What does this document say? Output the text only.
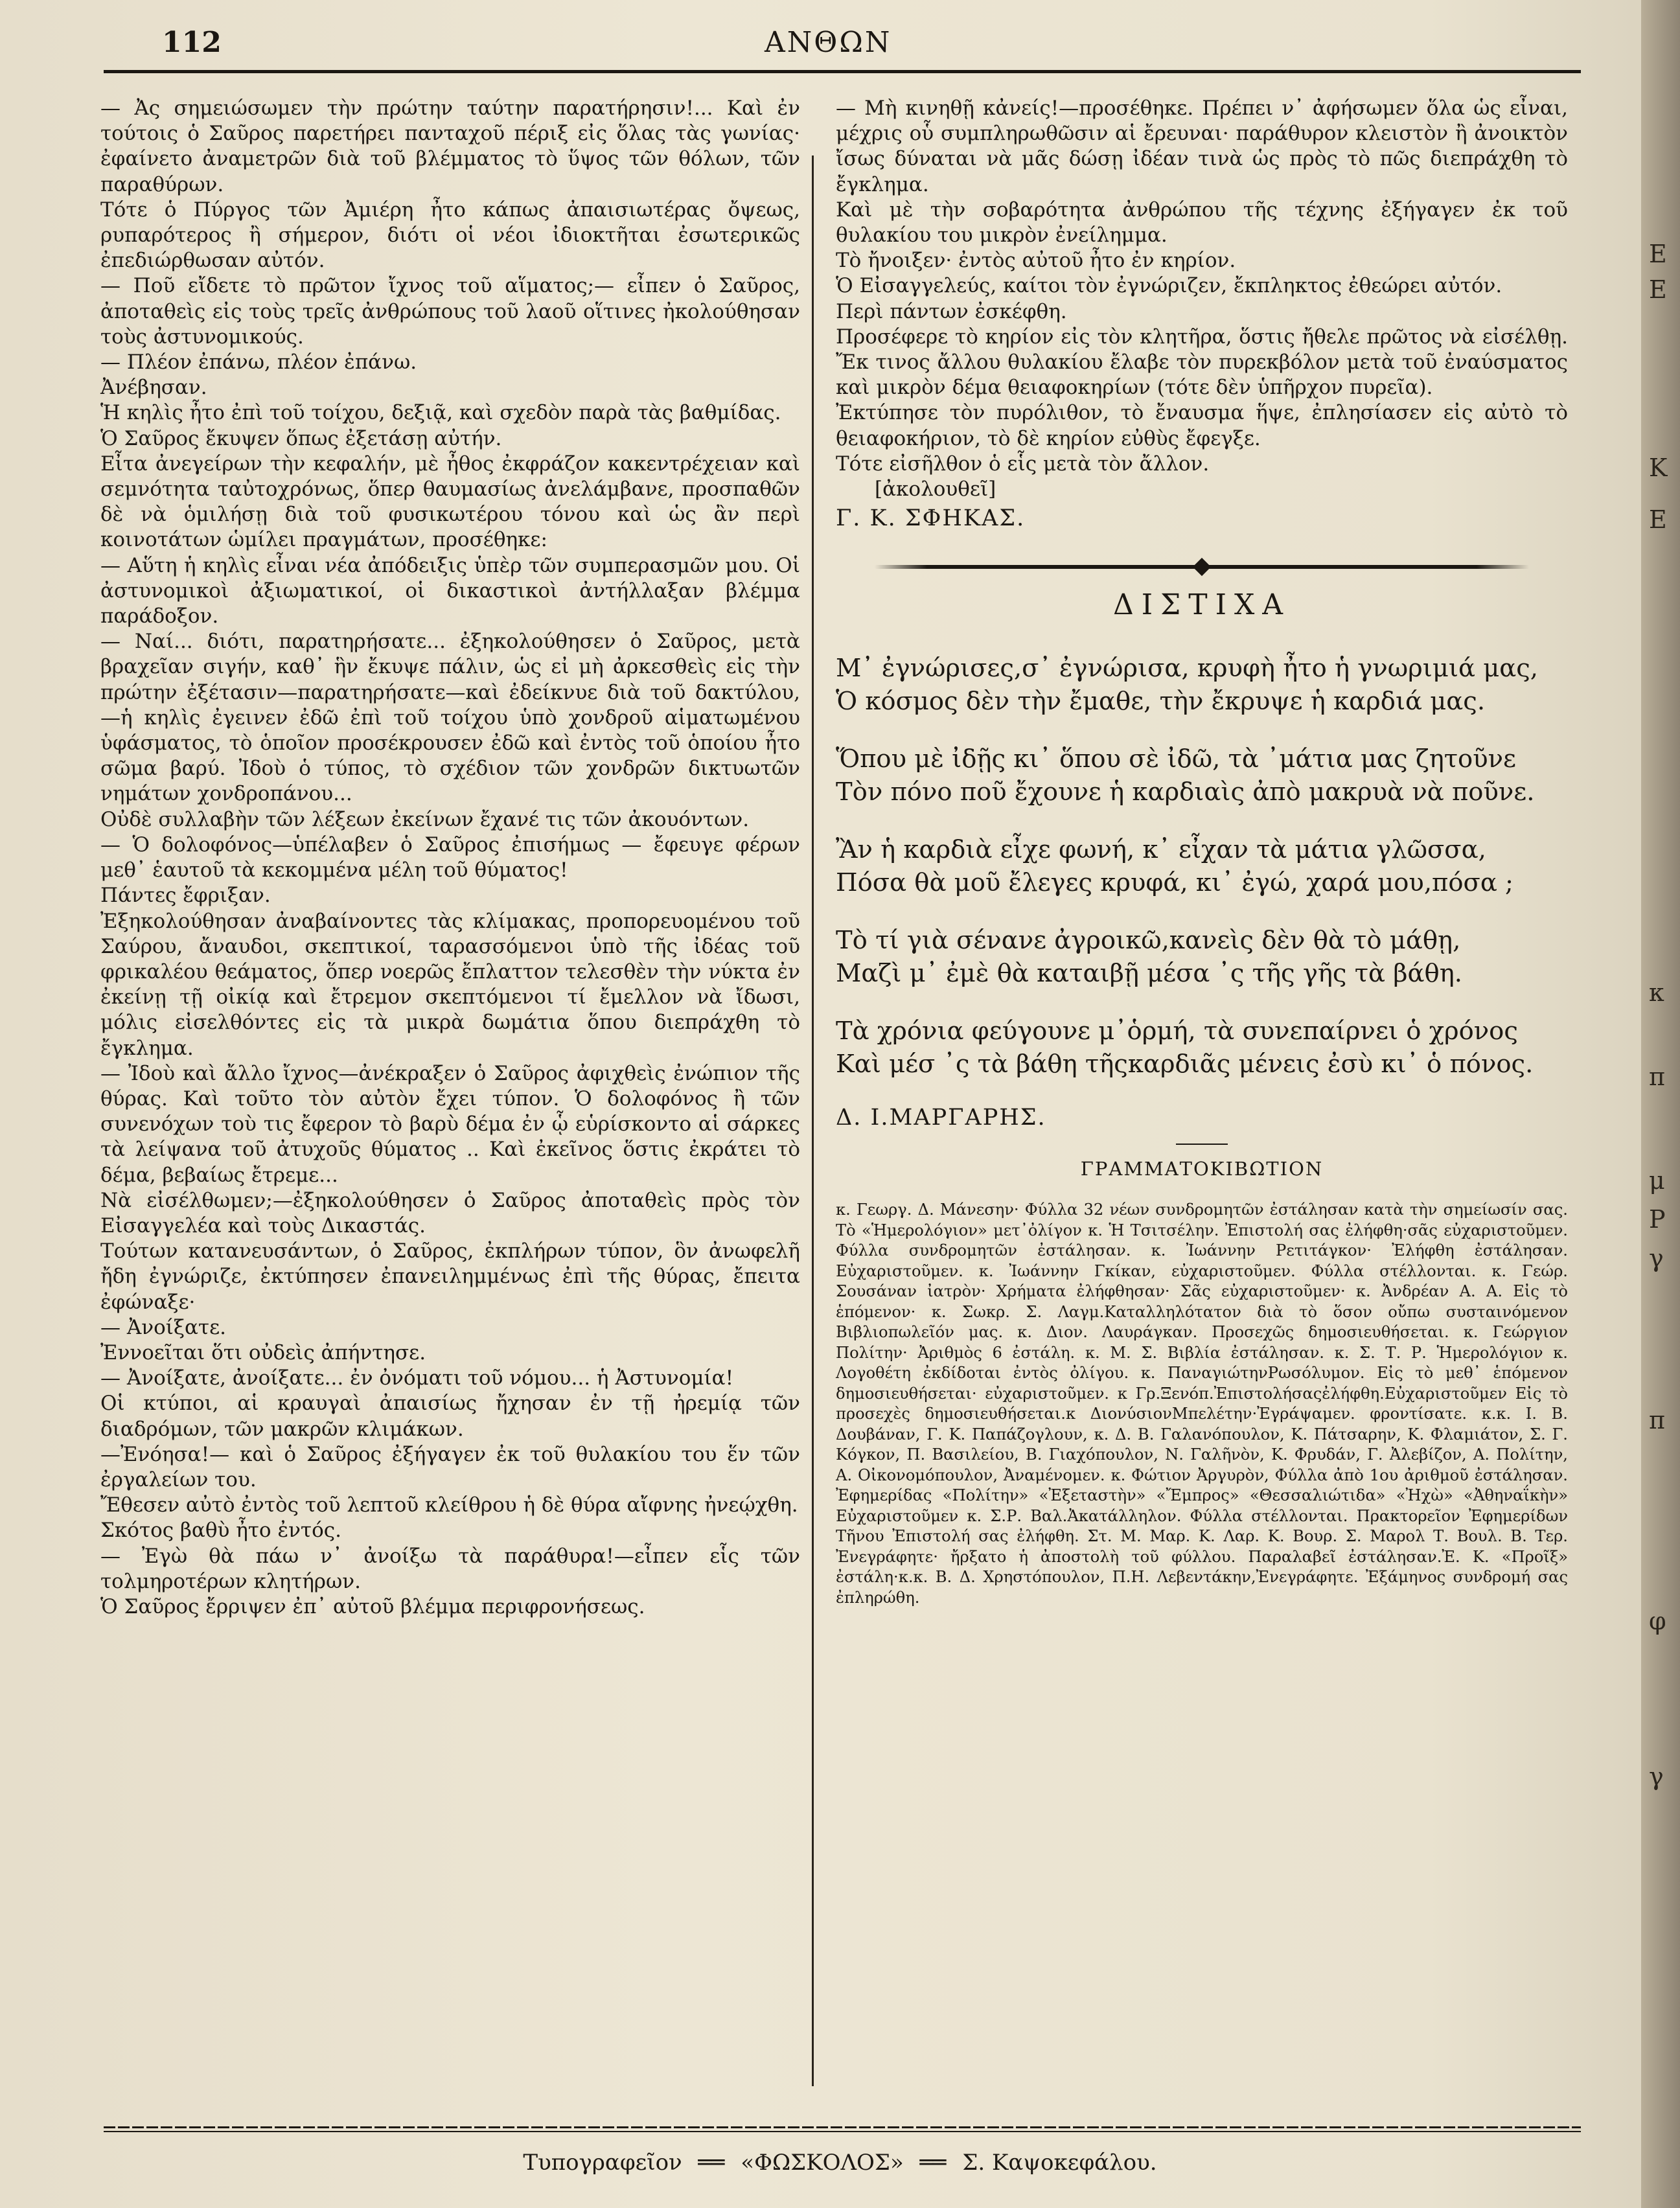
Ε
Ε
Κ
Ε
κ
π
μ
Ρ
γ
π
φ
γ
112	ΑΝΘΩΝ

— Ἀς σημειώσωμεν τὴν πρώτην ταύτην παρατήρησιν!... Καὶ ἐν τούτοις ὁ Σαῦρος παρετήρει πανταχοῦ πέριξ εἰς ὅλας τὰς γωνίας· ἐφαίνετο ἀναμετρῶν διὰ τοῦ βλέμματος τὸ ὕψος τῶν θόλων, τῶν παραθύρων.

Τότε ὁ Πύργος τῶν Ἀμιέρη ἦτο κάπως ἀπαισιωτέρας ὄψεως, ρυπαρότερος ἢ σήμερον, διότι οἱ νέοι ἰδιοκτῆται ἐσωτερικῶς ἐπεδιώρθωσαν αὐτόν.

— Ποῦ εἴδετε τὸ πρῶτον ἴχνος τοῦ αἵματος;— εἶπεν ὁ Σαῦρος, ἀποταθεὶς εἰς τοὺς τρεῖς ἀνθρώπους τοῦ λαοῦ οἵτινες ἠκολούθησαν τοὺς ἀστυνομικούς.

— Πλέον ἐπάνω, πλέον ἐπάνω.

Ἀνέβησαν.

Ἡ κηλὶς ἦτο ἐπὶ τοῦ τοίχου, δεξιᾷ, καὶ σχεδὸν παρὰ τὰς βαθμίδας.

Ὁ Σαῦρος ἔκυψεν ὅπως ἐξετάσῃ αὐτήν.

Εἶτα ἀνεγείρων τὴν κεφαλήν, μὲ ἦθος ἐκφράζον κακεντρέχειαν καὶ σεμνότητα ταὐτοχρόνως, ὅπερ θαυμασίως ἀνελάμβανε, προσπαθῶν δὲ νὰ ὁμιλήσῃ διὰ τοῦ φυσικωτέρου τόνου καὶ ὡς ἂν περὶ κοινοτάτων ὡμίλει πραγμάτων, προσέθηκε:

— Αὕτη ἡ κηλὶς εἶναι νέα ἀπόδειξις ὑπὲρ τῶν συμπερασμῶν μου. Οἱ ἀστυνομικοὶ ἀξιωματικοί, οἱ δικαστικοὶ ἀντήλλαξαν βλέμμα παράδοξον.

— Ναί... διότι, παρατηρήσατε... ἐξηκολούθησεν ὁ Σαῦρος, μετὰ βραχεῖαν σιγήν, καθ᾽ ἣν ἔκυψε πάλιν, ὡς εἰ μὴ ἀρκεσθεὶς εἰς τὴν πρώτην ἐξέτασιν—παρατηρήσατε—καὶ ἐδείκνυε διὰ τοῦ δακτύλου,—ἡ κηλὶς ἐγεινεν ἐδῶ ἐπὶ τοῦ τοίχου ὑπὸ χονδροῦ αἱματωμένου ὑφάσματος, τὸ ὁποῖον προσέκρουσεν ἐδῶ καὶ ἐντὸς τοῦ ὁποίου ἦτο σῶμα βαρύ. Ἰδοὺ ὁ τύπος, τὸ σχέδιον τῶν χονδρῶν δικτυωτῶν νημάτων χονδροπάνου...

Οὐδὲ συλλαβὴν τῶν λέξεων ἐκείνων ἔχανέ τις τῶν ἀκουόντων.

— Ὁ δολοφόνος—ὑπέλαβεν ὁ Σαῦρος ἐπισήμως — ἔφευγε φέρων μεθ᾽ ἑαυτοῦ τὰ κεκομμένα μέλη τοῦ θύματος!

Πάντες ἔφριξαν.

Ἐξηκολούθησαν ἀναβαίνοντες τὰς κλίμακας, προπορευομένου τοῦ Σαύρου, ἄναυδοι, σκεπτικοί, ταρασσόμενοι ὑπὸ τῆς ἰδέας τοῦ φρικαλέου θεάματος, ὅπερ νοερῶς ἔπλαττον τελεσθὲν τὴν νύκτα ἐν ἐκείνῃ τῇ οἰκίᾳ καὶ ἔτρεμον σκεπτόμενοι τί ἔμελλον νὰ ἴδωσι, μόλις εἰσελθόντες εἰς τὰ μικρὰ δωμάτια ὅπου διεπράχθη τὸ ἔγκλημα.

— Ἰδοὺ καὶ ἄλλο ἴχνος—ἀνέκραξεν ὁ Σαῦρος ἀφιχθεὶς ἐνώπιον τῆς θύρας. Καὶ τοῦτο τὸν αὐτὸν ἔχει τύπον. Ὁ δολοφόνος ἢ τῶν συνενόχων τοὺ τις ἔφερον τὸ βαρὺ δέμα ἐν ᾧ εὑρίσκοντο αἱ σάρκες τὰ λείψανα τοῦ ἀτυχοῦς θύματος .. Καὶ ἐκεῖνος ὅστις ἐκράτει τὸ δέμα, βεβαίως ἔτρεμε...

Νὰ εἰσέλθωμεν;—ἐξηκολούθησεν ὁ Σαῦρος ἀποταθεὶς πρὸς τὸν Εἰσαγγελέα καὶ τοὺς Δικαστάς.

Τούτων κατανευσάντων, ὁ Σαῦρος, ἐκπλήρων τύπον, ὃν ἀνωφελῆ ἤδη ἐγνώριζε, ἐκτύπησεν ἐπανειλημμένως ἐπὶ τῆς θύρας, ἔπειτα ἐφώναξε·

— Ἀνοίξατε.

Ἐννοεῖται ὅτι οὐδεὶς ἀπήντησε.

— Ἀνοίξατε, ἀνοίξατε... ἐν ὀνόματι τοῦ νόμου... ἡ Ἀστυνομία!

Οἱ κτύποι, αἱ κραυγαὶ ἀπαισίως ἤχησαν ἐν τῇ ἠρεμίᾳ τῶν διαδρόμων, τῶν μακρῶν κλιμάκων.

—Ἐνόησα!— καὶ ὁ Σαῦρος ἐξήγαγεν ἐκ τοῦ θυλακίου του ἕν τῶν ἐργαλείων του.

Ἔθεσεν αὐτὸ ἐντὸς τοῦ λεπτοῦ κλείθρου ἡ δὲ θύρα αἴφνης ἠνεῴχθη.

Σκότος βαθὺ ἦτο ἐντός.

— Ἐγὼ θὰ πάω ν᾽ ἀνοίξω τὰ παράθυρα!—εἶπεν εἷς τῶν τολμηροτέρων κλητήρων.

Ὁ Σαῦρος ἔρριψεν ἐπ᾽ αὐτοῦ βλέμμα περιφρονήσεως.

— Μὴ κινηθῇ κἀνείς!—προσέθηκε. Πρέπει ν᾽ ἀφήσωμεν ὅλα ὡς εἶναι, μέχρις οὗ συμπληρωθῶσιν αἱ ἔρευναι· παράθυρον κλειστὸν ἢ ἀνοικτὸν ἴσως δύναται νὰ μᾶς δώσῃ ἰδέαν τινὰ ὡς πρὸς τὸ πῶς διεπράχθη τὸ ἔγκλημα.

Καὶ μὲ τὴν σοβαρότητα ἀνθρώπου τῆς τέχνης ἐξήγαγεν ἐκ τοῦ θυλακίου του μικρὸν ἐνείλημμα.

Τὸ ἤνοιξεν· ἐντὸς αὐτοῦ ἦτο ἐν κηρίον.

Ὁ Εἰσαγγελεύς, καίτοι τὸν ἐγνώριζεν, ἔκπληκτος ἐθεώρει αὐτόν.

Περὶ πάντων ἐσκέφθη.

Προσέφερε τὸ κηρίον εἰς τὸν κλητῆρα, ὅστις ἤθελε πρῶτος νὰ εἰσέλθῃ. Ἔκ τινος ἄλλου θυλακίου ἔλαβε τὸν πυρεκβόλον μετὰ τοῦ ἐναύσματος καὶ μικρὸν δέμα θειαφοκηρίων (τότε δὲν ὑπῆρχον πυρεῖα).

Ἐκτύπησε τὸν πυρόλιθον, τὸ ἔναυσμα ἥψε, ἐπλησίασεν εἰς αὐτὸ τὸ θειαφοκήριον, τὸ δὲ κηρίον εὐθὺς ἔφεγξε.

Τότε εἰσῆλθον ὁ εἷς μετὰ τὸν ἄλλον.

[ἀκολουθεῖ]

Γ. Κ. ΣΦΗΚΑΣ.

ΔΙΣΤΙΧΑ

Μ᾽ ἐγνώρισες,σ᾽ ἐγνώρισα, κρυφὴ ἦτο ἡ γνωριμιά μας,

Ὁ κόσμος δὲν τὴν ἔμαθε, τὴν ἔκρυψε ἡ καρδιά μας.

Ὅπου μὲ ἰδῇς κι᾽ ὅπου σὲ ἰδῶ, τὰ ᾽μάτια μας ζητοῦνε

Τὸν πόνο ποῦ ἔχουνε ἡ καρδιαὶς ἀπὸ μακρυὰ νὰ ποῦνε.

Ἂν ἡ καρδιὰ εἶχε φωνή, κ᾽ εἶχαν τὰ μάτια γλῶσσα,

Πόσα θὰ μοῦ ἔλεγες κρυφά, κι᾽ ἐγώ, χαρά μου,πόσα ;

Τὸ τί γιὰ σένανε ἀγροικῶ,κανεὶς δὲν θὰ τὸ μάθῃ,

Μαζὶ μ᾽ ἐμὲ θὰ καταιβῇ μέσα ᾽ς τῆς γῆς τὰ βάθη.

Τὰ χρόνια φεύγουνε μ᾽ὁρμή, τὰ συνεπαίρνει ὁ χρόνος

Καὶ μέσ ᾽ς τὰ βάθη τῆςκαρδιᾶς μένεις ἐσὺ κι᾽ ὁ πόνος.

Δ. Ι.ΜΑΡΓΑΡΗΣ.

ΓΡΑΜΜΑΤΟΚΙΒΩΤΙΟΝ

κ. Γεωργ. Δ. Μάνεσην· Φύλλα 32 νέων συνδρομητῶν ἐστάλησαν κατὰ τὴν σημείωσίν σας. Τὸ «Ἡμερολόγιον» μετ᾽ὀλίγον κ. Ἡ Τσιτσέλην. Ἐπιστολή σας ἐλήφθη·σᾶς εὐχαριστοῦμεν. Φύλλα συνδρομητῶν ἐστάλησαν. κ. Ἰωάννην Ρετιτάγκον· Ἐλήφθη ἐστάλησαν. Εὐχαριστοῦμεν. κ. Ἰωάννην Γκίκαν, εὐχαριστοῦμεν. Φύλλα στέλλονται. κ. Γεώρ. Σουσάναν ἰατρὸν· Χρήματα ἐλήφθησαν· Σᾶς εὐχαριστοῦμεν· κ. Ἀνδρέαν Α. Α. Εἰς τὸ ἑπόμενον· κ. Σωκρ. Σ. Λαγμ.Καταλληλότατον διὰ τὸ ὅσον οὔπω συσταινόμενον Βιβλιοπωλεῖόν μας. κ. Διον. Λαυράγκαν. Προσεχῶς δημοσιευθήσεται. κ. Γεώργιον Πολίτην· Ἀριθμὸς 6 ἐστάλη. κ. Μ. Σ. Βιβλία ἐστάλησαν. κ. Σ. Τ. Ρ. Ἡμερολόγιον κ. Λογοθέτη ἐκδίδοται ἐντὸς ὀλίγου. κ. ΠαναγιώτηνΡωσόλυμον. Εἰς τὸ μεθ᾽ ἑπόμενον δημοσιευθήσεται· εὐχαριστοῦμεν. κ Γρ.Ξενόπ.Ἐπιστολήσαςἐλήφθη.Εὐχαριστοῦμεν Εἰς τὸ προσεχὲς δημοσιευθήσεται.κ ΔιονύσιονΜπελέτην·Ἐγράψαμεν. φροντίσατε. κ.κ. Ι. Β. Δουβάναν, Γ. Κ. Παπάζογλουν, κ. Δ. Β. Γαλανόπουλον, Κ. Πάτσαρην, Κ. Φλαμιάτον, Σ. Γ. Κόγκον, Π. Βασιλείου, Β. Γιαχόπουλον, Ν. Γαλῆνὸν, Κ. Φρυδάν, Γ. Ἀλεβίζον, Α. Πολίτην, Α. Οἰκονομόπουλον, Ἀναμένομεν. κ. Φώτιον Ἀργυρὸν, Φύλλα ἀπὸ 1ου ἀριθμοῦ ἐστάλησαν. Ἐφημερίδας «Πολίτην» «Ἐξεταστὴν» «Ἔμπρος» «Θεσσαλιώτιδα» «Ἠχὼ» «Ἀθηναΐκὴν» Εὐχαριστοῦμεν κ. Σ.Ρ. Βαλ.Ἀκατάλληλον. Φύλλα στέλλονται. Πρακτορεῖον Ἐφημερίδων Τῆνου Ἐπιστολή σας ἐλήφθη. Στ. Μ. Μαρ. Κ. Λαρ. Κ. Βουρ. Σ. Μαρολ Τ. Βουλ. Β. Τερ. Ἐνεγράφητε· ἤρξατο ἡ ἀποστολὴ τοῦ φύλλου. Παραλαβεῖ ἐστάλησαν.Ἐ. Κ. «Προῖξ» ἐστάλη·κ.κ. Β. Δ. Χρηστόπουλον, Π.Η. Λεβεντάκην,Ἐνεγράφητε. Ἐξάμηνος συνδρομή σας ἐπληρώθη.

Τυπογραφεῖον ══ «ΦΩΣΚΟΛΟΣ» ══ Σ. Καψοκεφάλου.
